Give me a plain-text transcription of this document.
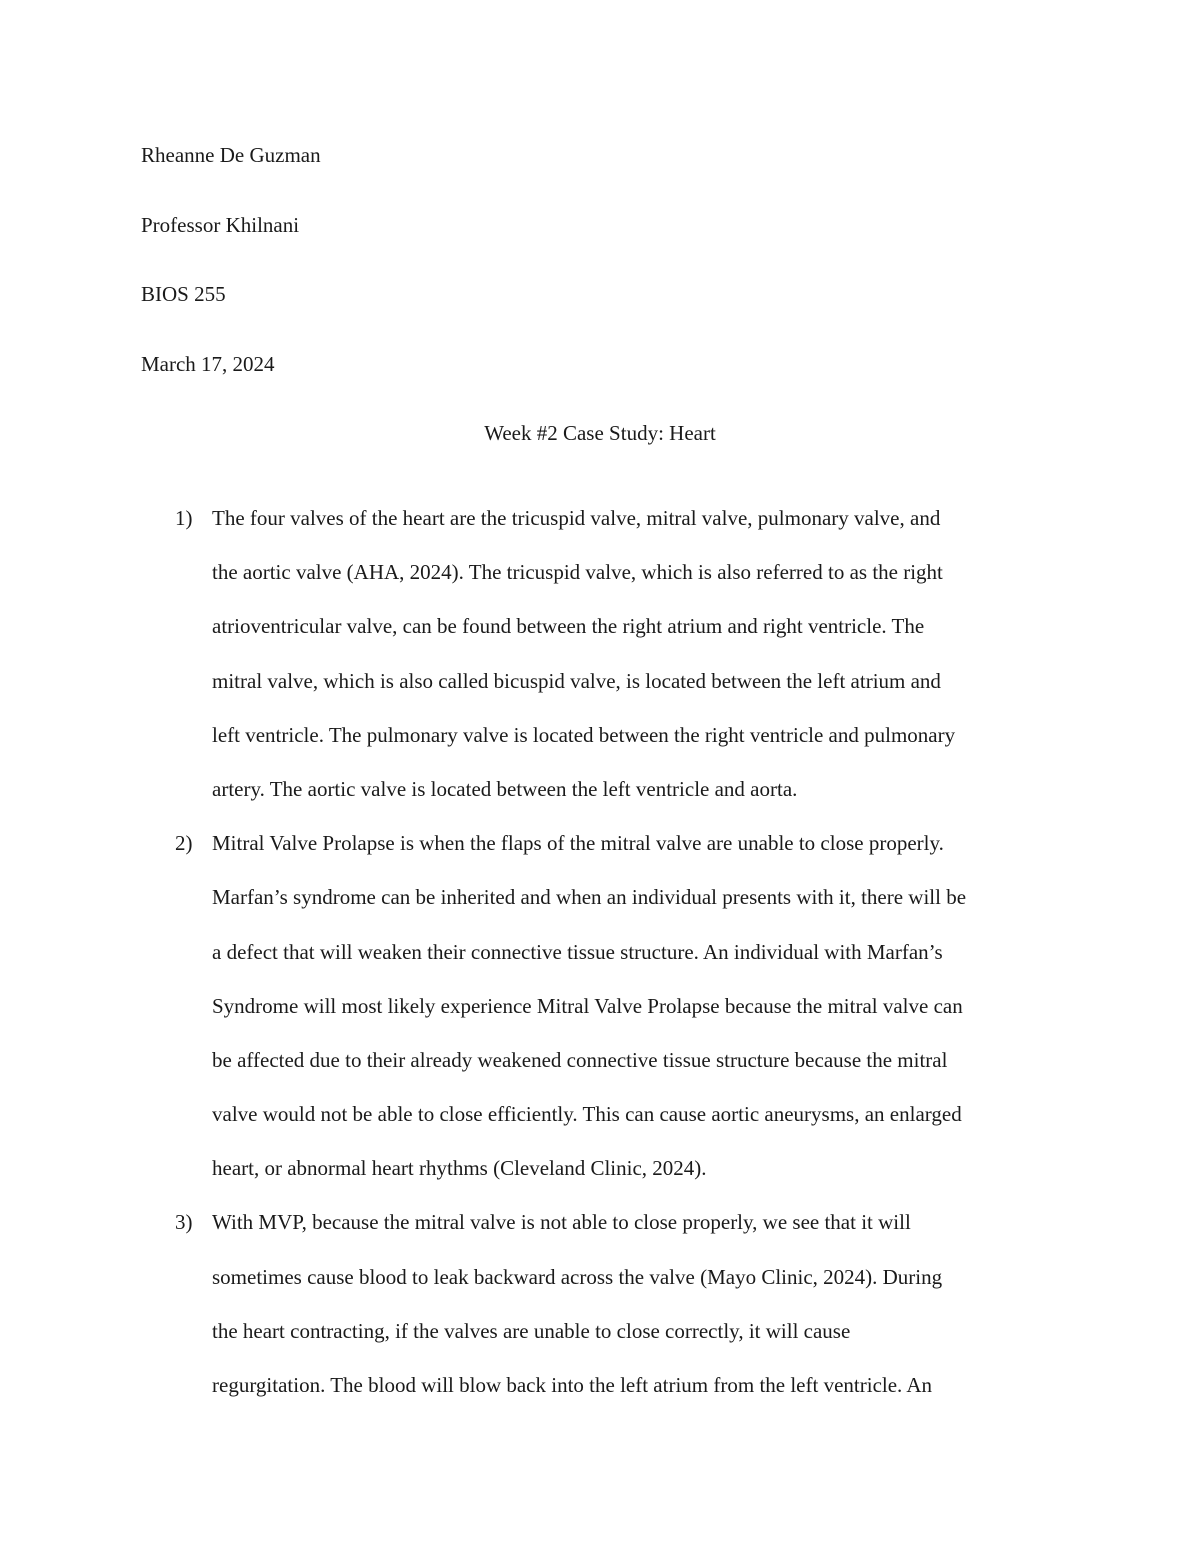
Rheanne De Guzman
Professor Khilnani
BIOS 255
March 17, 2024
Week #2 Case Study: Heart
1) The four valves of the heart are the tricuspid valve, mitral valve, pulmonary valve, and
the aortic valve (AHA, 2024). The tricuspid valve, which is also referred to as the right
atrioventricular valve, can be found between the right atrium and right ventricle. The
mitral valve, which is also called bicuspid valve, is located between the left atrium and
left ventricle. The pulmonary valve is located between the right ventricle and pulmonary
artery. The aortic valve is located between the left ventricle and aorta.
2) Mitral Valve Prolapse is when the flaps of the mitral valve are unable to close properly.
Marfan’s syndrome can be inherited and when an individual presents with it, there will be
a defect that will weaken their connective tissue structure. An individual with Marfan’s
Syndrome will most likely experience Mitral Valve Prolapse because the mitral valve can
be affected due to their already weakened connective tissue structure because the mitral
valve would not be able to close efficiently. This can cause aortic aneurysms, an enlarged
heart, or abnormal heart rhythms (Cleveland Clinic, 2024).
3) With MVP, because the mitral valve is not able to close properly, we see that it will
sometimes cause blood to leak backward across the valve (Mayo Clinic, 2024). During
the heart contracting, if the valves are unable to close correctly, it will cause
regurgitation. The blood will blow back into the left atrium from the left ventricle. An
